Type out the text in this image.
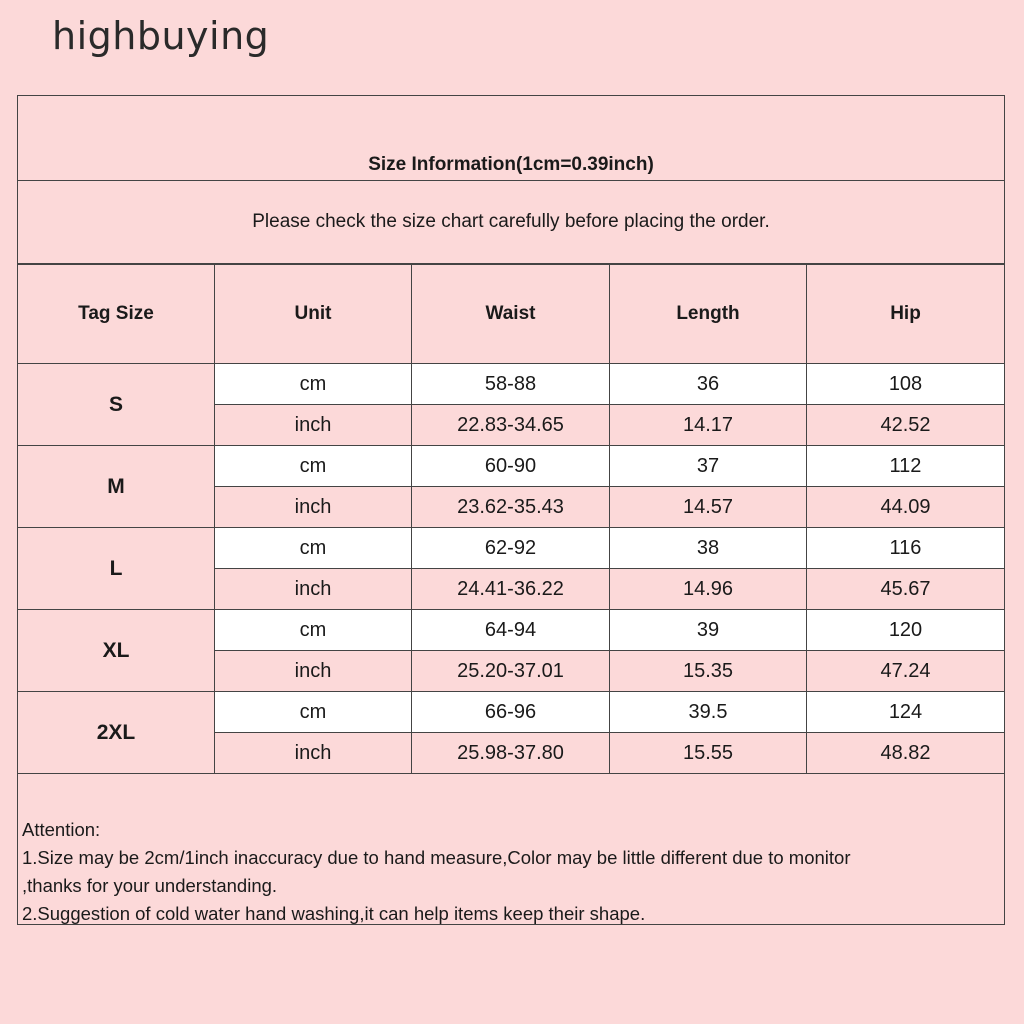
highbuying
Size Information(1cm=0.39inch)
Please check the size chart carefully before placing the order.
Tag Size	Unit	Waist	Length	Hip
S	cm	58-88	36	108
	inch	22.83-34.65	14.17	42.52
M	cm	60-90	37	112
	inch	23.62-35.43	14.57	44.09
L	cm	62-92	38	116
	inch	24.41-36.22	14.96	45.67
XL	cm	64-94	39	120
	inch	25.20-37.01	15.35	47.24
2XL	cm	66-96	39.5	124
	inch	25.98-37.80	15.55	48.82
Attention:
1.Size may be 2cm/1inch inaccuracy due to hand measure,Color may be little different due to monitor
,thanks for your understanding.
2.Suggestion of cold water hand washing,it can help items keep their shape.
